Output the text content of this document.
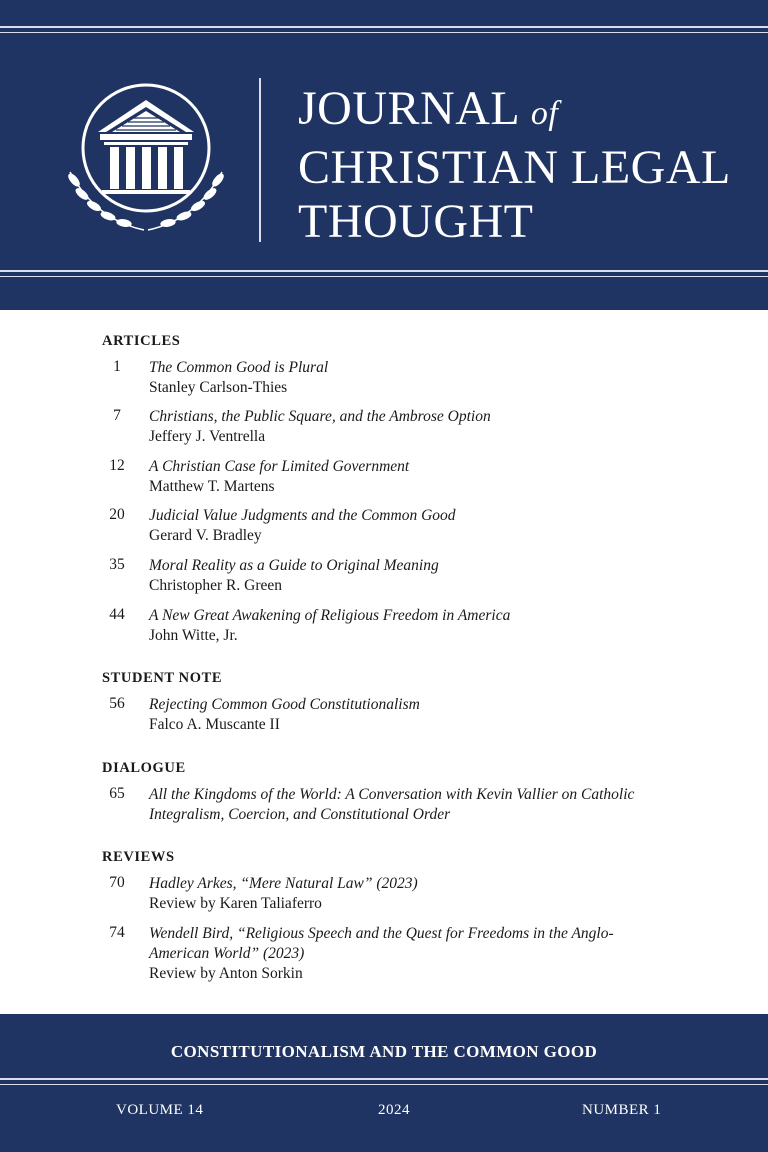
JOURNAL of
CHRISTIAN LEGAL
THOUGHT
ARTICLES
1	The Common Good is Plural
Stanley Carlson-Thies
7	Christians, the Public Square, and the Ambrose Option
Jeffery J. Ventrella
12	A Christian Case for Limited Government
Matthew T. Martens
20	Judicial Value Judgments and the Common Good
Gerard V. Bradley
35	Moral Reality as a Guide to Original Meaning
Christopher R. Green
44	A New Great Awakening of Religious Freedom in America
John Witte, Jr.
STUDENT NOTE
56	Rejecting Common Good Constitutionalism
Falco A. Muscante II
DIALOGUE
65	All the Kingdoms of the World: A Conversation with Kevin Vallier on Catholic Integralism, Coercion, and Constitutional Order
REVIEWS
70	Hadley Arkes, “Mere Natural Law” (2023)
Review by Karen Taliaferro
74	Wendell Bird, “Religious Speech and the Quest for Freedoms in the Anglo-American World” (2023)
Review by Anton Sorkin
CONSTITUTIONALISM AND THE COMMON GOOD
VOLUME 14	2024	NUMBER 1
